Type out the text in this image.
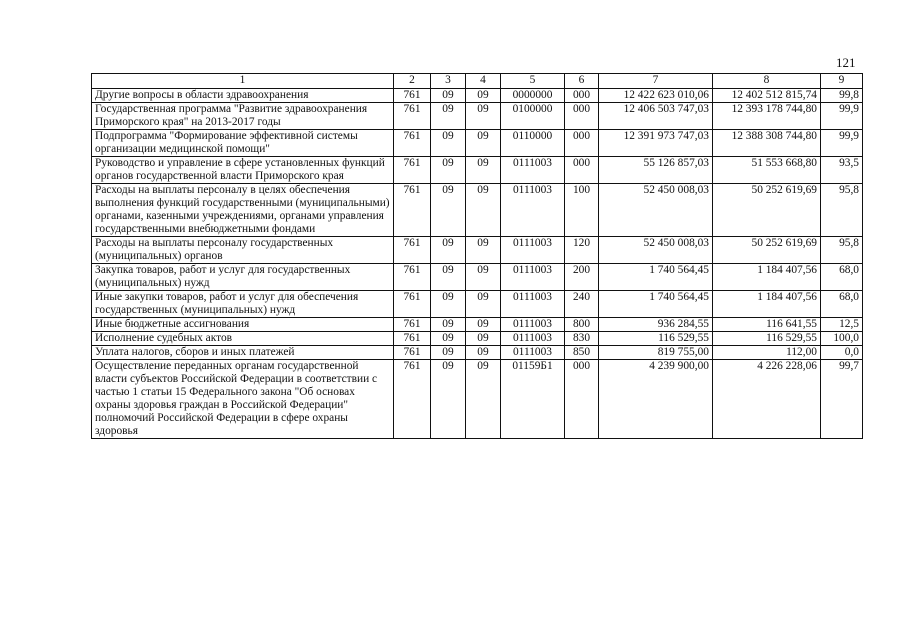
121
1	2	3	4	5	6	7	8	9
Другие вопросы в области здравоохранения	761	09	09	0000000	000	12 422 623 010,06	12 402 512 815,74	99,8
Государственная программа "Развитие здравоохранения Приморского края" на 2013-2017 годы	761	09	09	0100000	000	12 406 503 747,03	12 393 178 744,80	99,9
Подпрограмма "Формирование эффективной системы организации медицинской помощи"	761	09	09	0110000	000	12 391 973 747,03	12 388 308 744,80	99,9
Руководство и управление в сфере установленных функций органов государственной власти Приморского края	761	09	09	0111003	000	55 126 857,03	51 553 668,80	93,5
Расходы на выплаты персоналу в целях обеспечения выполнения функций государственными (муниципальными) органами, казенными учреждениями, органами управления государственными внебюджетными фондами	761	09	09	0111003	100	52 450 008,03	50 252 619,69	95,8
Расходы на выплаты персоналу государственных (муниципальных) органов	761	09	09	0111003	120	52 450 008,03	50 252 619,69	95,8
Закупка товаров, работ и услуг для государственных (муниципальных) нужд	761	09	09	0111003	200	1 740 564,45	1 184 407,56	68,0
Иные закупки товаров, работ и услуг для обеспечения государственных (муниципальных) нужд	761	09	09	0111003	240	1 740 564,45	1 184 407,56	68,0
Иные бюджетные ассигнования	761	09	09	0111003	800	936 284,55	116 641,55	12,5
Исполнение судебных актов	761	09	09	0111003	830	116 529,55	116 529,55	100,0
Уплата налогов, сборов и иных платежей	761	09	09	0111003	850	819 755,00	112,00	0,0
Осуществление переданных органам государственной власти субъектов Российской Федерации в соответствии с частью 1 статьи 15 Федерального закона "Об основах охраны здоровья граждан в Российской Федерации" полномочий Российской Федерации в сфере охраны здоровья	761	09	09	01159Б1	000	4 239 900,00	4 226 228,06	99,7
